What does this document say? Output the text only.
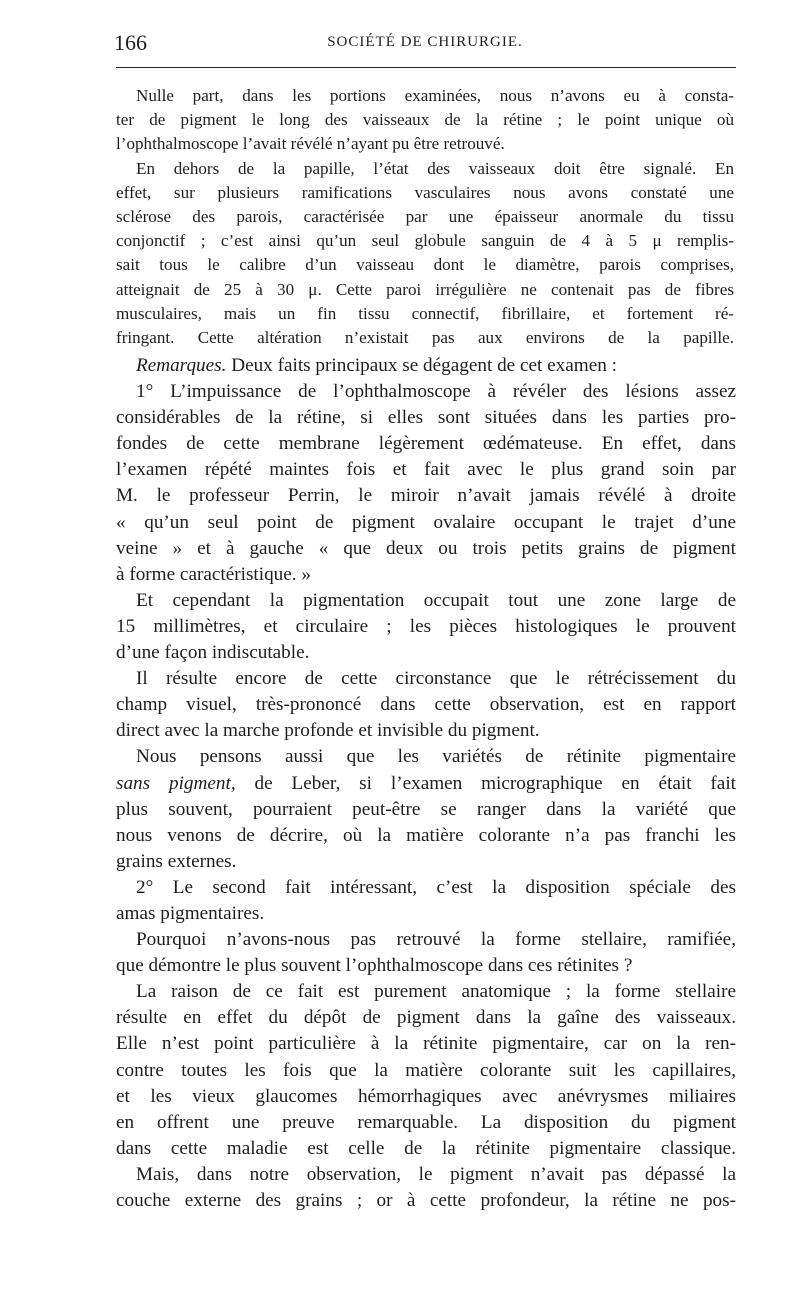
166	SOCIÉTÉ DE CHIRURGIE.
Nulle part, dans les portions examinées, nous n’avons eu à consta-
ter de pigment le long des vaisseaux de la rétine ; le point unique où
l’ophthalmoscope l’avait révélé n’ayant pu être retrouvé.
En dehors de la papille, l’état des vaisseaux doit être signalé. En
effet, sur plusieurs ramifications vasculaires nous avons constaté une
sclérose des parois, caractérisée par une épaisseur anormale du tissu
conjonctif ; c’est ainsi qu’un seul globule sanguin de 4 à 5 μ remplis-
sait tous le calibre d’un vaisseau dont le diamètre, parois comprises,
atteignait de 25 à 30 μ. Cette paroi irrégulière ne contenait pas de fibres
musculaires, mais un fin tissu connectif, fibrillaire, et fortement ré-
fringant. Cette altération n’existait pas aux environs de la papille.
Remarques. Deux faits principaux se dégagent de cet examen :
1° L’impuissance de l’ophthalmoscope à révéler des lésions assez
considérables de la rétine, si elles sont situées dans les parties pro-
fondes de cette membrane légèrement œdémateuse. En effet, dans
l’examen répété maintes fois et fait avec le plus grand soin par
M. le professeur Perrin, le miroir n’avait jamais révélé à droite
« qu’un seul point de pigment ovalaire occupant le trajet d’une
veine » et à gauche « que deux ou trois petits grains de pigment
à forme caractéristique. »
Et cependant la pigmentation occupait tout une zone large de
15 millimètres, et circulaire ; les pièces histologiques le prouvent
d’une façon indiscutable.
Il résulte encore de cette circonstance que le rétrécissement du
champ visuel, très-prononcé dans cette observation, est en rapport
direct avec la marche profonde et invisible du pigment.
Nous pensons aussi que les variétés de rétinite pigmentaire
sans pigment, de Leber, si l’examen micrographique en était fait
plus souvent, pourraient peut-être se ranger dans la variété que
nous venons de décrire, où la matière colorante n’a pas franchi les
grains externes.
2° Le second fait intéressant, c’est la disposition spéciale des
amas pigmentaires.
Pourquoi n’avons-nous pas retrouvé la forme stellaire, ramifiée,
que démontre le plus souvent l’ophthalmoscope dans ces rétinites ?
La raison de ce fait est purement anatomique ; la forme stellaire
résulte en effet du dépôt de pigment dans la gaîne des vaisseaux.
Elle n’est point particulière à la rétinite pigmentaire, car on la ren-
contre toutes les fois que la matière colorante suit les capillaires,
et les vieux glaucomes hémorrhagiques avec anévrysmes miliaires
en offrent une preuve remarquable. La disposition du pigment
dans cette maladie est celle de la rétinite pigmentaire classique.
Mais, dans notre observation, le pigment n’avait pas dépassé la
couche externe des grains ; or à cette profondeur, la rétine ne pos-
